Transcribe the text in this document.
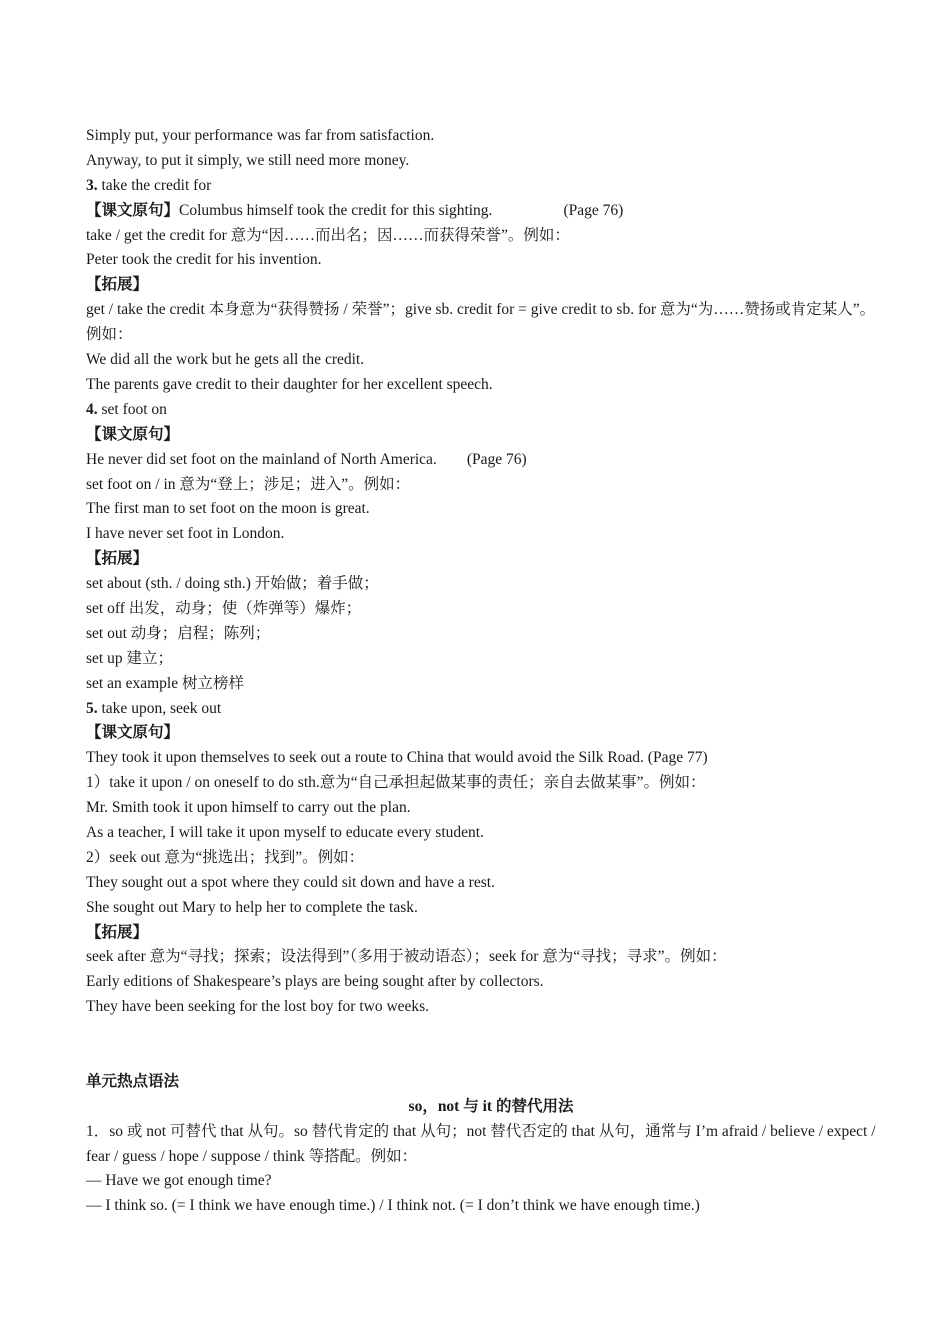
Simply put, your performance was far from satisfaction.
Anyway, to put it simply, we still need more money.
3. take the credit for
【课文原句】Columbus himself took the credit for this sighting.	(Page 76)
take / get the credit for 意为“因……而出名；因……而获得荣誉”。例如：
Peter took the credit for his invention.
【拓展】
get / take the credit 本身意为“获得赞扬 / 荣誉”；give sb. credit for = give credit to sb. for 意为“为……赞扬或肯定某人”。例如：
We did all the work but he gets all the credit.
The parents gave credit to their daughter for her excellent speech.
4. set foot on
【课文原句】
He never did set foot on the mainland of North America. (Page 76)
set foot on / in 意为“登上；涉足；进入”。例如：
The first man to set foot on the moon is great.
I have never set foot in London.
【拓展】
set about (sth. / doing sth.) 开始做；着手做；
set off 出发，动身；使（炸弹等）爆炸；
set out 动身；启程；陈列；
set up 建立；
set an example 树立榜样
5. take upon, seek out
【课文原句】
They took it upon themselves to seek out a route to China that would avoid the Silk Road. (Page 77)
1）take it upon / on oneself to do sth.意为“自己承担起做某事的责任；亲自去做某事”。例如：
Mr. Smith took it upon himself to carry out the plan.
As a teacher, I will take it upon myself to educate every student.
2）seek out 意为“挑选出；找到”。例如：
They sought out a spot where they could sit down and have a rest.
She sought out Mary to help her to complete the task.
【拓展】
seek after 意为“寻找；探索；设法得到”（多用于被动语态）；seek for 意为“寻找；寻求”。例如：
Early editions of Shakespeare’s plays are being sought after by collectors.
They have been seeking for the lost boy for two weeks.
单元热点语法
so，not 与 it 的替代用法
1．so 或 not 可替代 that 从句。so 替代肯定的 that 从句；not 替代否定的 that 从句，通常与 I’m afraid / believe / expect / fear / guess / hope / suppose / think 等搭配。例如：
— Have we got enough time?
— I think so. (= I think we have enough time.) / I think not. (= I don’t think we have enough time.)
